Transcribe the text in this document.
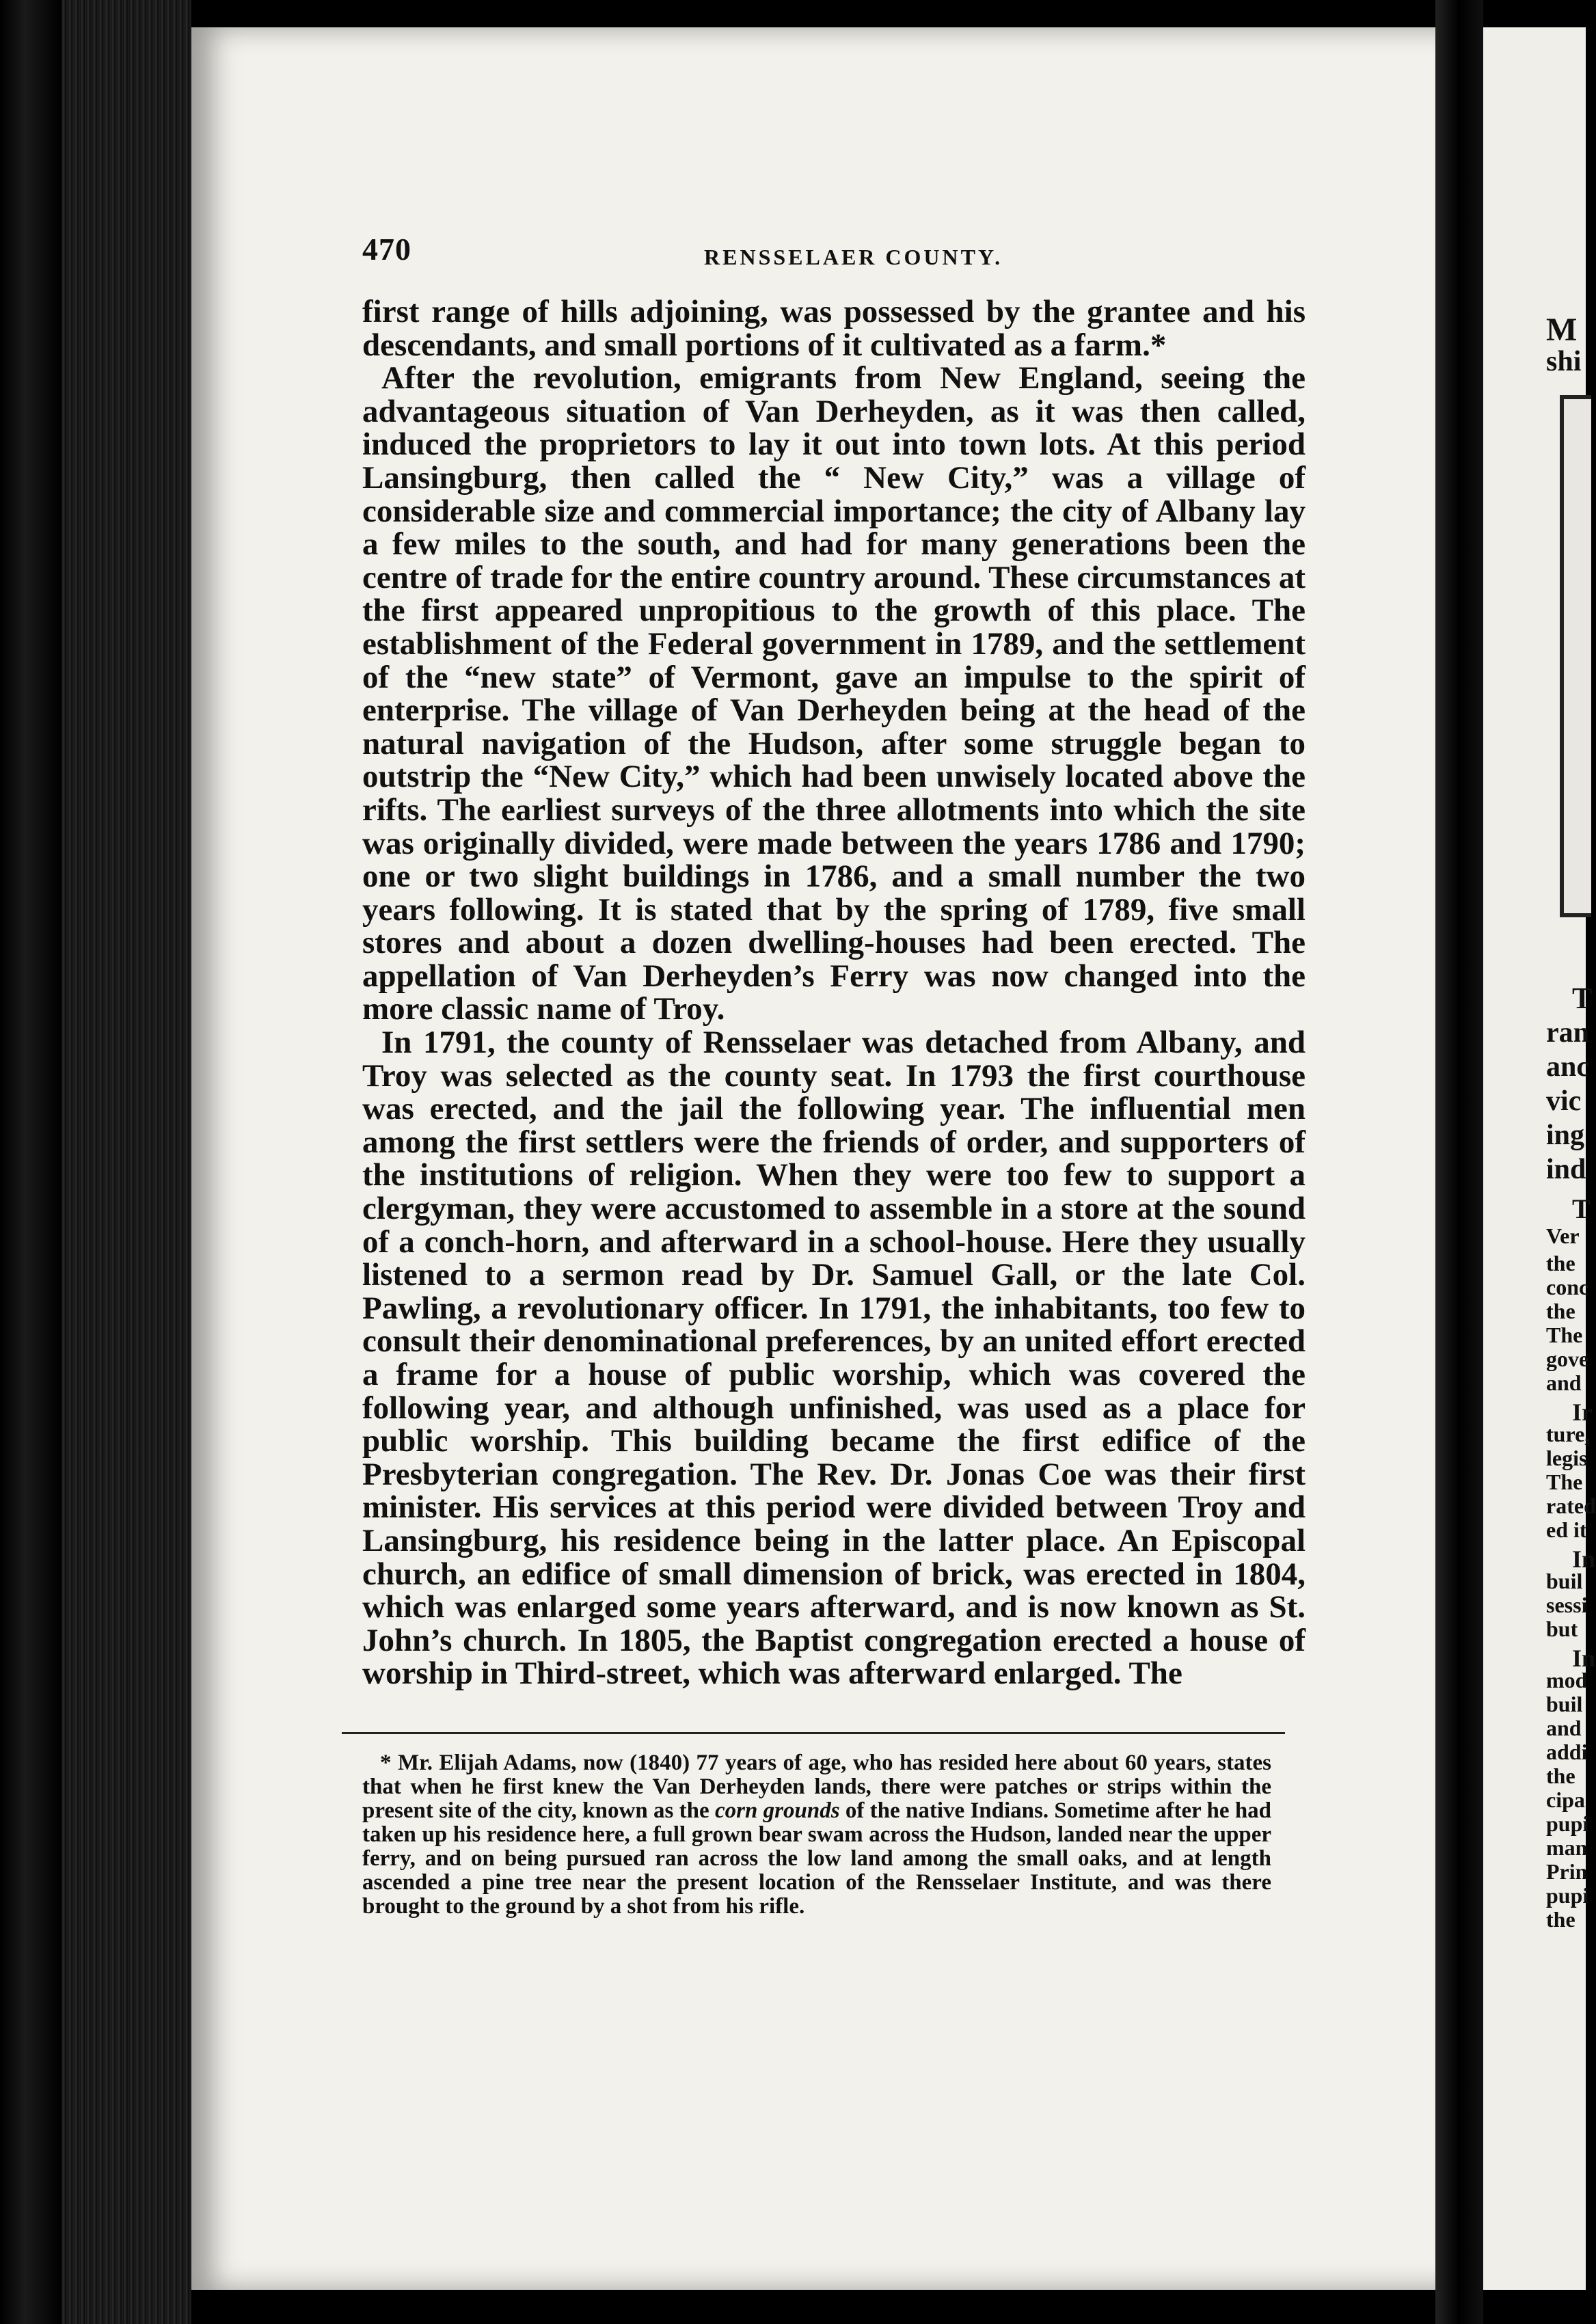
470	RENSSELAER COUNTY.

first range of hills adjoining, was possessed by the grantee and his descendants, and small portions of it cultivated as a farm.*

After the revolution, emigrants from New England, seeing the advantageous situation of Van Derheyden, as it was then called, induced the proprietors to lay it out into town lots. At this period Lansingburg, then called the “ New City,” was a village of considerable size and commercial importance; the city of Albany lay a few miles to the south, and had for many generations been the centre of trade for the entire country around. These circumstances at the first appeared unpropitious to the growth of this place. The establishment of the Federal government in 1789, and the settlement of the “new state” of Vermont, gave an impulse to the spirit of enterprise. The village of Van Derheyden being at the head of the natural navigation of the Hudson, after some struggle began to outstrip the “New City,” which had been unwisely located above the rifts. The earliest surveys of the three allotments into which the site was originally divided, were made between the years 1786 and 1790; one or two slight buildings in 1786, and a small number the two years following. It is stated that by the spring of 1789, five small stores and about a dozen dwelling-houses had been erected. The appellation of Van Derheyden’s Ferry was now changed into the more classic name of Troy.

In 1791, the county of Rensselaer was detached from Albany, and Troy was selected as the county seat. In 1793 the first courthouse was erected, and the jail the following year. The influential men among the first settlers were the friends of order, and supporters of the institutions of religion. When they were too few to support a clergyman, they were accustomed to assemble in a store at the sound of a conch-horn, and afterward in a school-house. Here they usually listened to a sermon read by Dr. Samuel Gall, or the late Col. Pawling, a revolutionary officer. In 1791, the inhabitants, too few to consult their denominational preferences, by an united effort erected a frame for a house of public worship, which was covered the following year, and although unfinished, was used as a place for public worship. This building became the first edifice of the Presbyterian congregation. The Rev. Dr. Jonas Coe was their first minister. His services at this period were divided between Troy and Lansingburg, his residence being in the latter place. An Episcopal church, an edifice of small dimension of brick, was erected in 1804, which was enlarged some years afterward, and is now known as St. John’s church. In 1805, the Baptist congregation erected a house of worship in Third-street, which was afterward enlarged. The

* Mr. Elijah Adams, now (1840) 77 years of age, who has resided here about 60 years, states that when he first knew the Van Derheyden lands, there were patches or strips within the present site of the city, known as the corn grounds of the native Indians. Sometime after he had taken up his residence here, a full grown bear swam across the Hudson, landed near the upper ferry, and on being pursued ran across the low land among the small oaks, and at length ascended a pine tree near the present location of the Rensselaer Institute, and was there brought to the ground by a shot from his rifle.
M
shi
T
ran
anc
vic
ing
ind
T
Ver
the
conc
the
The
gove
and
Ir
ture,
legis
The
rated
ed it
In
buil
sessi
but
In
mod
buil
and
addi
the
cipa
pupi
man
Prin
pupi
the
